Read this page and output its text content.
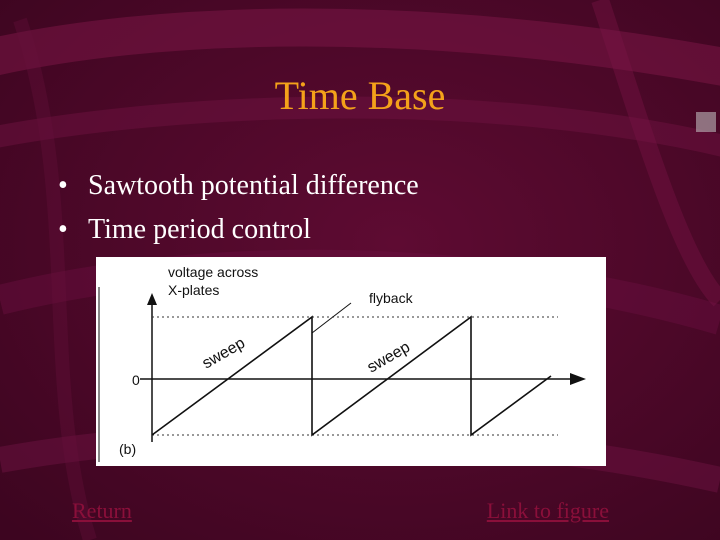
Time Base
• Sawtooth potential difference
• Time period control
voltage across
X-plates	flyback
sweep	sweep
0
(b)
Return	Link to figure
